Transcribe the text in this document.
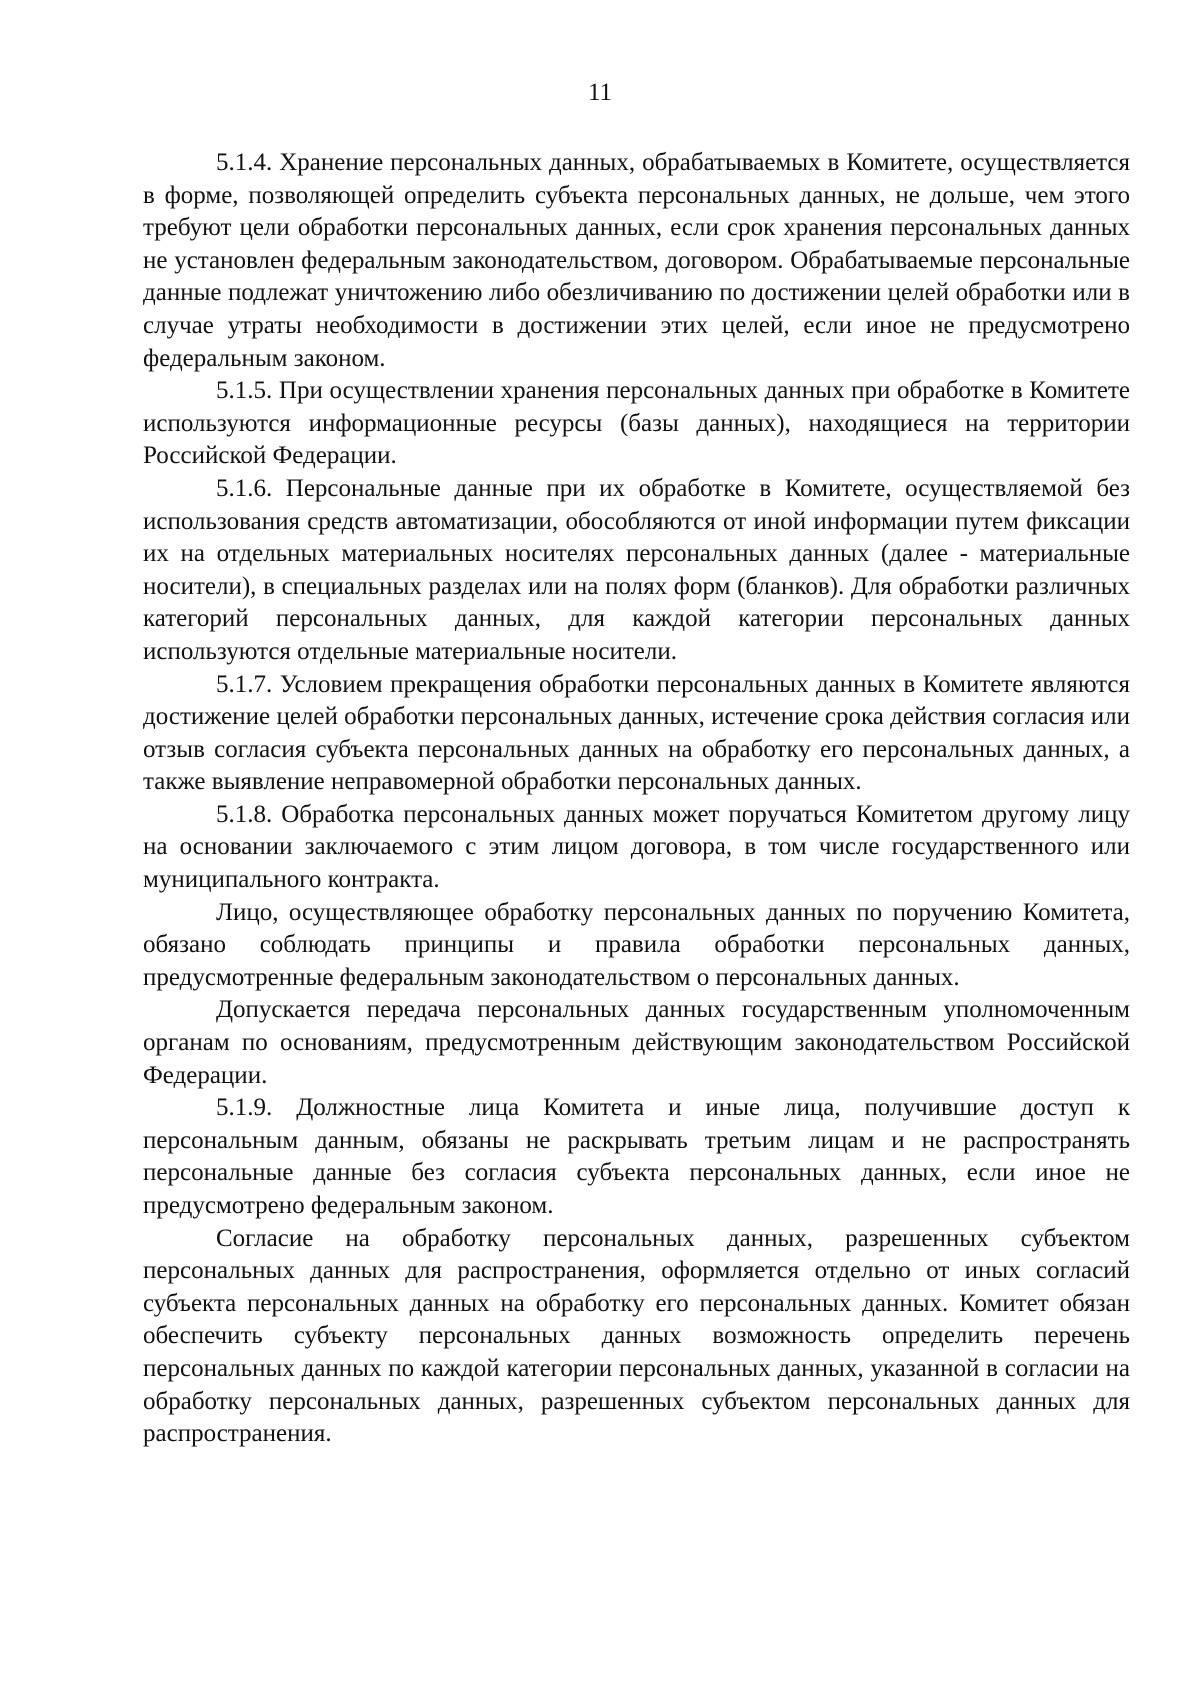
11

5.1.4. Хранение персональных данных, обрабатываемых в Комитете, осуществляется в форме, позволяющей определить субъекта персональных данных, не дольше, чем этого требуют цели обработки персональных данных, если срок хранения персональных данных не установлен федеральным законодательством, договором. Обрабатываемые персональные данные подлежат уничтожению либо обезличиванию по достижении целей обработки или в случае утраты необходимости в достижении этих целей, если иное не предусмотрено федеральным законом.

5.1.5. При осуществлении хранения персональных данных при обработке в Комитете используются информационные ресурсы (базы данных), находящиеся на территории Российской Федерации.

5.1.6. Персональные данные при их обработке в Комитете, осуществляемой без использования средств автоматизации, обособляются от иной информации путем фиксации их на отдельных материальных носителях персональных данных (далее - материальные носители), в специальных разделах или на полях форм (бланков). Для обработки различных категорий персональных данных, для каждой категории персональных данных используются отдельные материальные носители.

5.1.7. Условием прекращения обработки персональных данных в Комитете являются достижение целей обработки персональных данных, истечение срока действия согласия или отзыв согласия субъекта персональных данных на обработку его персональных данных, а также выявление неправомерной обработки персональных данных.

5.1.8. Обработка персональных данных может поручаться Комитетом другому лицу на основании заключаемого с этим лицом договора, в том числе государственного или муниципального контракта.

Лицо, осуществляющее обработку персональных данных по поручению Комитета, обязано соблюдать принципы и правила обработки персональных данных, предусмотренные федеральным законодательством о персональных данных.

Допускается передача персональных данных государственным уполномоченным органам по основаниям, предусмотренным действующим законодательством Российской Федерации.

5.1.9. Должностные лица Комитета и иные лица, получившие доступ к персональным данным, обязаны не раскрывать третьим лицам и не распространять персональные данные без согласия субъекта персональных данных, если иное не предусмотрено федеральным законом.

Согласие на обработку персональных данных, разрешенных субъектом персональных данных для распространения, оформляется отдельно от иных согласий субъекта персональных данных на обработку его персональных данных. Комитет обязан обеспечить субъекту персональных данных возможность определить перечень персональных данных по каждой категории персональных данных, указанной в согласии на обработку персональных данных, разрешенных субъектом персональных данных для распространения.
